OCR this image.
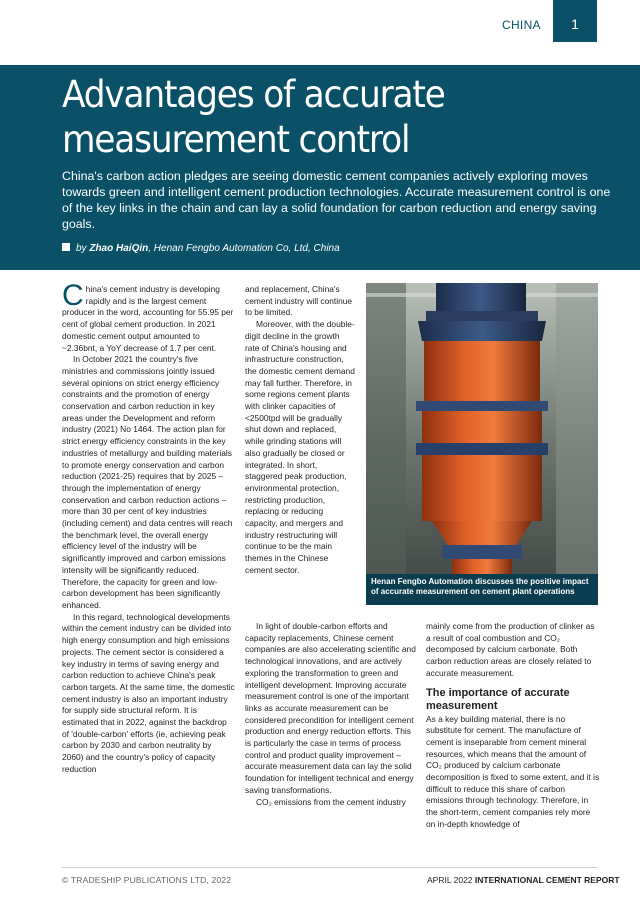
CHINA	1
Advantages of accurate measurement control

China's carbon action pledges are seeing domestic cement companies actively exploring moves towards green and intelligent cement production technologies. Accurate measurement control is one of the key links in the chain and can lay a solid foundation for carbon reduction and energy saving goals.

by Zhao HaiQin, Henan Fengbo Automation Co, Ltd, China

China's cement industry is developing rapidly and is the largest cement producer in the word, accounting for 55.95 per cent of global cement production. In 2021 domestic cement output amounted to ~2.36bnt, a YoY decrease of 1.7 per cent.

In October 2021 the country's five ministries and commissions jointly issued several opinions on strict energy efficiency constraints and the promotion of energy conservation and carbon reduction in key areas under the Development and reform industry (2021) No 1464. The action plan for strict energy efficiency constraints in the key industries of metallurgy and building materials to promote energy conservation and carbon reduction (2021-25) requires that by 2025 – through the implementation of energy conservation and carbon reduction actions – more than 30 per cent of key industries (including cement) and data centres will reach the benchmark level, the overall energy efficiency level of the industry will be significantly improved and carbon emissions intensity will be significantly reduced. Therefore, the capacity for green and low-carbon development has been significantly enhanced.

In this regard, technological developments within the cement industry can be divided into high energy consumption and high emissions projects. The cement sector is considered a key industry in terms of saving energy and carbon reduction to achieve China's peak carbon targets. At the same time, the domestic cement industry is also an important industry for supply side structural reform. It is estimated that in 2022, against the backdrop of 'double-carbon' efforts (ie, achieving peak carbon by 2030 and carbon neutrality by 2060) and the country's policy of capacity reduction

and replacement, China's cement industry will continue to be limited.

Moreover, with the double-digit decline in the growth rate of China's housing and infrastructure construction, the domestic cement demand may fall further. Therefore, in some regions cement plants with clinker capacities of <2500tpd will be gradually shut down and replaced, while grinding stations will also gradually be closed or integrated. In short, staggered peak production, environmental protection, restricting production, replacing or reducing capacity, and mergers and industry restructuring will continue to be the main themes in the Chinese cement sector.

Henan Fengbo Automation discusses the positive impact of accurate measurement on cement plant operations

In light of double-carbon efforts and capacity replacements, Chinese cement companies are also accelerating scientific and technological innovations, and are actively exploring the transformation to green and intelligent development. Improving accurate measurement control is one of the important links as accurate measurement can be considered precondition for intelligent cement production and energy reduction efforts. This is particularly the case in terms of process control and product quality improvement – accurate measurement data can lay the solid foundation for intelligent technical and energy saving transformations.

CO₂ emissions from the cement industry

mainly come from the production of clinker as a result of coal combustion and CO₂ decomposed by calcium carbonate. Both carbon reduction areas are closely related to accurate measurement.

The importance of accurate measurement

As a key building material, there is no substitute for cement. The manufacture of cement is inseparable from cement mineral resources, which means that the amount of CO₂ produced by calcium carbonate decomposition is fixed to some extent, and it is difficult to reduce this share of carbon emissions through technology. Therefore, in the short-term, cement companies rely more on in-depth knowledge of

© TRADESHIP PUBLICATIONS LTD, 2022	APRIL 2022 INTERNATIONAL CEMENT REPORT
